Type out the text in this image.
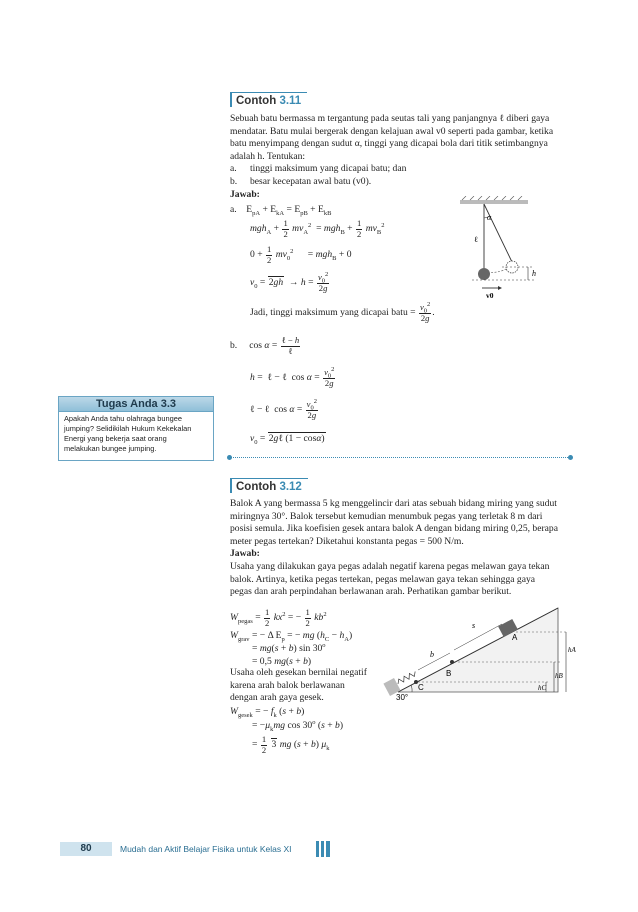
Contoh 3.11
Sebuah batu bermassa m tergantung pada seutas tali yang panjangnya ℓ diberi gaya
mendatar. Batu mulai bergerak dengan kelajuan awal v0 seperti pada gambar, ketika
batu menyimpang dengan sudut α, tinggi yang dicapai bola dari titik setimbangnya
adalah h. Tentukan:
a.	tinggi maksimum yang dicapai batu; dan
b.	besar kecepatan awal batu (v0).
Jawab:
a.    $E_{pA} + E_{kA} = E_{pB} + E_{kB}$
$mgh_A + \frac{1}{2} mv_A^2 = mgh_B + \frac{1}{2} mv_B^2$
$0 + \frac{1}{2} mv_0^2$      = mgh$_B$ + 0
$v_0 = 2gh \to h = \frac{v_0^2}{2g}$
Jadi, tinggi maksimum yang dicapai batu = $\frac{v_0^2}{2g}$ .
b.     $\cos \alpha = \frac{\text{ℓ − h}}{\text{ℓ}}$
h =  ℓ − ℓ  $\cos \alpha = \frac{v_0^2}{2g}$
ℓ − ℓ  $\cos \alpha = \frac{v_0^2}{2g}$
$v_0$ = 2gℓ (1 − cosα)
α
ℓ
h
v0
Tugas Anda 3.3
Apakah Anda tahu olahraga bungee
jumping? Selidikilah Hukum Kekekalan
Energi yang bekerja saat orang
melakukan bungee jumping.
Contoh 3.12
Balok A yang bermassa 5 kg menggelincir dari atas sebuah bidang miring yang sudut
miringnya 30°. Balok tersebut kemudian menumbuk pegas yang terletak 8 m dari
posisi semula. Jika koefisien gesek antara balok A dengan bidang miring 0,25, berapa
meter pegas tertekan? Diketahui konstanta pegas = 500 N/m.
Jawab:
Usaha yang dilakukan gaya pegas adalah negatif karena pegas melawan gaya tekan
balok. Artinya, ketika pegas tertekan, pegas melawan gaya tekan sehingga gaya
pegas dan arah perpindahan berlawanan arah. Perhatikan gambar berikut.
$W_{pegas} = \frac{1}{2} kx^2$ = − $\frac{1}{2} kb^2$
$W_{grav}$ = − Δ $E_p$ = − mg $(h_C - h_A)$
= mg(s + b) $\sin 30^o$
= 0,5 mg(s + b)
Usaha oleh gesekan bernilai negatif
karena arah balok berlawanan
dengan arah gaya gesek.
$W_{gesek}$ = − $f_k$ (s + b)
= $-\mu_kmg$ cos 30$^o$ (s + b)
= $\frac{1}{2} 3$ mg (s + b) $\mu_k$
30°
C
B
A
b
s
hA
hB
hC
80	Mudah dan Aktif Belajar Fisika untuk Kelas XI
